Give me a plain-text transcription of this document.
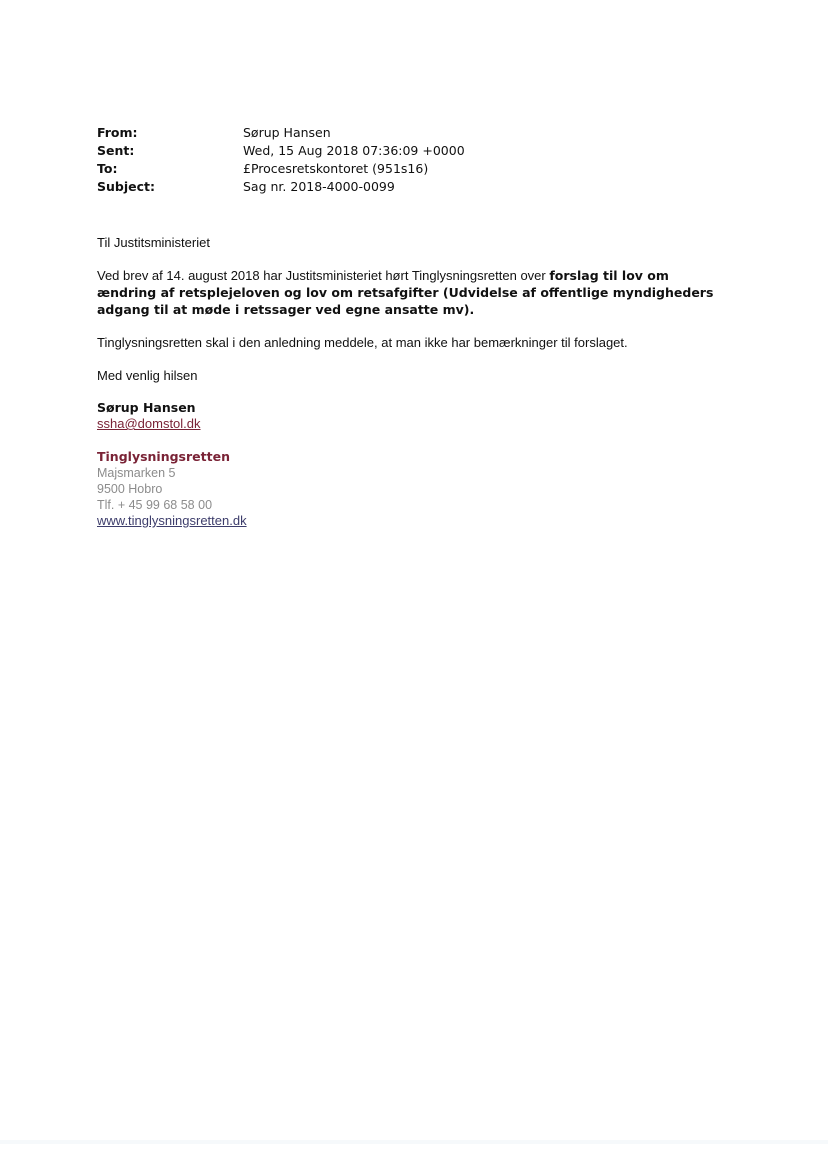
From:	Sørup Hansen
Sent:	Wed, 15 Aug 2018 07:36:09 +0000
To:	£Procesretskontoret (951s16)
Subject:	Sag nr. 2018-4000-0099

Til Justitsministeriet

Ved brev af 14. august 2018 har Justitsministeriet hørt Tinglysningsretten over forslag til lov om ændring af retsplejeloven og lov om retsafgifter (Udvidelse af offentlige myndigheders adgang til at møde i retssager ved egne ansatte mv).

Tinglysningsretten skal i den anledning meddele, at man ikke har bemærkninger til forslaget.

Med venlig hilsen

Sørup Hansen
ssha@domstol.dk
Tinglysningsretten
Majsmarken 5
9500 Hobro
Tlf. + 45 99 68 58 00
www.tinglysningsretten.dk
